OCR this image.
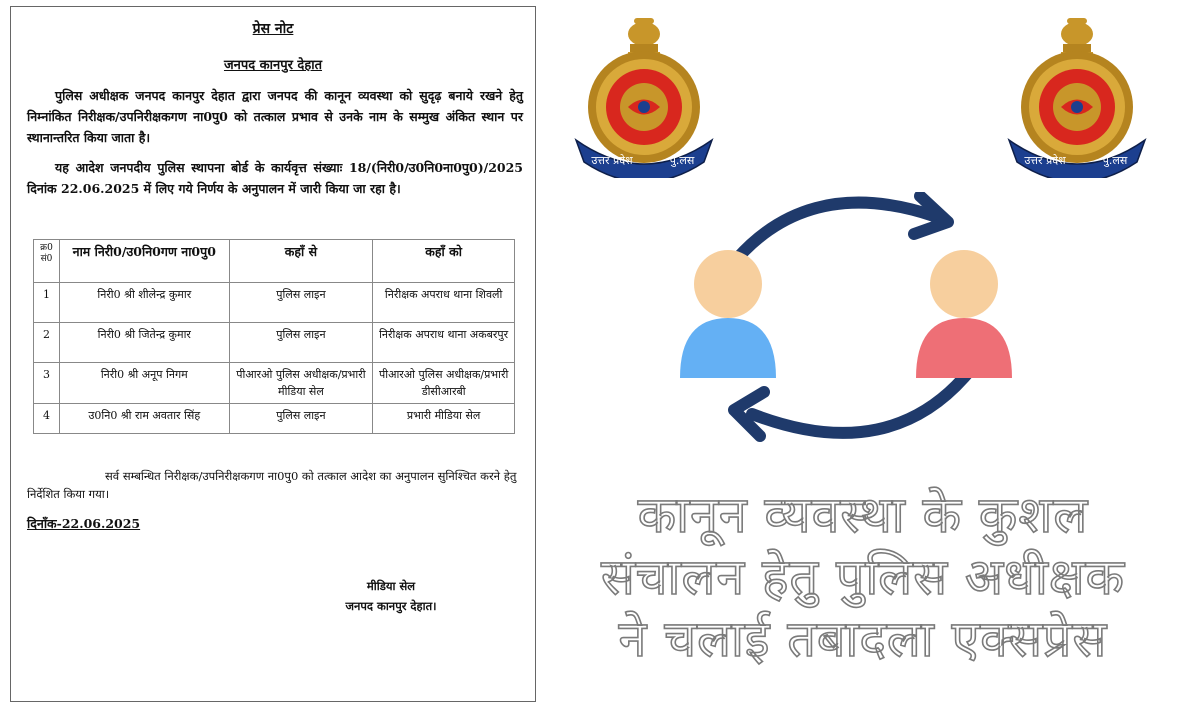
प्रेस नोट
जनपद कानपुर देहात
पुलिस अधीक्षक जनपद कानपुर देहात द्वारा जनपद की कानून व्यवस्था को सुदृढ़ बनाये रखने हेतु निम्नांकित निरीक्षक/उपनिरीक्षकगण ना0पु0 को तत्काल प्रभाव से उनके नाम के सम्मुख अंकित स्थान पर स्थानान्तरित किया जाता है।
यह आदेश जनपदीय पुलिस स्थापना बोर्ड के कार्यवृत्त संख्याः 18/(निरी0/उ0नि0ना0पु0)/2025 दिनांक 22.06.2025 में लिए गये निर्णय के अनुपालन में जारी किया जा रहा है।
क्र0 सं0	नाम निरी0/उ0नि0गण ना0पु0	कहाँ से	कहाँ को
1	निरी0 श्री शीलेन्द्र कुमार	पुलिस लाइन	निरीक्षक अपराध थाना शिवली
2	निरी0 श्री जितेन्द्र कुमार	पुलिस लाइन	निरीक्षक अपराध थाना अकबरपुर
3	निरी0 श्री अनूप निगम	पीआरओ पुलिस अधीक्षक/प्रभारी मीडिया सेल	पीआरओ पुलिस अधीक्षक/प्रभारी डीसीआरबी
4	उ0नि0 श्री राम अवतार सिंह	पुलिस लाइन	प्रभारी मीडिया सेल
सर्व सम्बन्धित निरीक्षक/उपनिरीक्षकगण ना0पु0 को तत्काल आदेश का अनुपालन सुनिश्चित करने हेतु निर्देशित किया गया।
दिनाँक-22.06.2025
मीडिया सेल
जनपद कानपुर देहात।
उत्तर प्रदेश	पु.लस	उत्तर प्रदेश	पु.लस
कानून व्यवस्था के कुशल
संचालन हेतु पुलिस अधीक्षक
ने चलाई तबादला एक्सप्रेस
